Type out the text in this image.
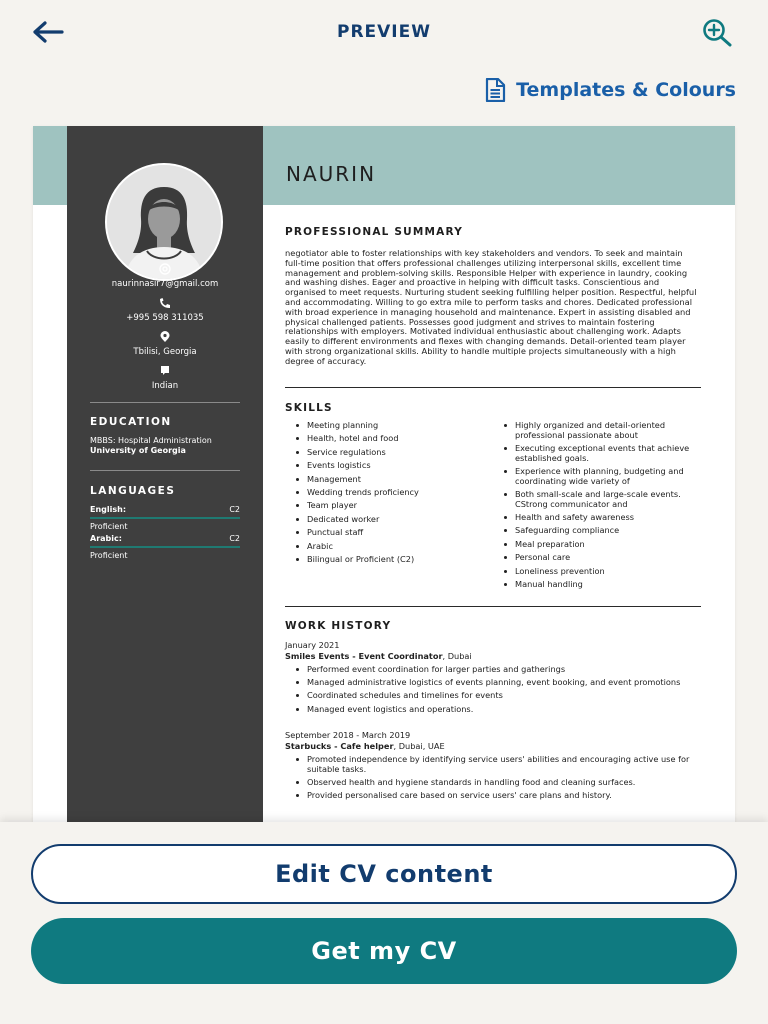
PREVIEW
Templates & Colours
naurinnasir7@gmail.com
+995 598 311035
Tbilisi, Georgia
Indian
EDUCATION
MBBS: Hospital Administration
University of Georgia
LANGUAGES
English:	C2
Proficient
Arabic:	C2
Proficient
NAURIN
PROFESSIONAL SUMMARY
negotiator able to foster relationships with key stakeholders and vendors. To seek and maintain full-time position that offers professional challenges utilizing interpersonal skills, excellent time management and problem-solving skills. Responsible Helper with experience in laundry, cooking and washing dishes. Eager and proactive in helping with difficult tasks. Conscientious and organised to meet requests. Nurturing student seeking fulfilling helper position. Respectful, helpful and accommodating. Willing to go extra mile to perform tasks and chores. Dedicated professional with broad experience in managing household and maintenance. Expert in assisting disabled and physical challenged patients. Possesses good judgment and strives to maintain fostering relationships with employers. Motivated individual enthusiastic about challenging work. Adapts easily to different environments and flexes with changing demands. Detail-oriented team player with strong organizational skills. Ability to handle multiple projects simultaneously with a high degree of accuracy.
SKILLS
Meeting planning
Health, hotel and food
Service regulations
Events logistics
Management
Wedding trends proficiency
Team player
Dedicated worker
Punctual staff
Arabic
Bilingual or Proficient (C2)
Highly organized and detail-oriented professional passionate about
Executing exceptional events that achieve established goals.
Experience with planning, budgeting and coordinating wide variety of
Both small-scale and large-scale events. CStrong communicator and
Health and safety awareness
Safeguarding compliance
Meal preparation
Personal care
Loneliness prevention
Manual handling
WORK HISTORY
January 2021
Smiles Events - Event Coordinator, Dubai
Performed event coordination for larger parties and gatherings
Managed administrative logistics of events planning, event booking, and event promotions
Coordinated schedules and timelines for events
Managed event logistics and operations.
September 2018 - March 2019
Starbucks - Cafe helper, Dubai, UAE
Promoted independence by identifying service users' abilities and encouraging active use for suitable tasks.
Observed health and hygiene standards in handling food and cleaning surfaces.
Provided personalised care based on service users' care plans and history.
Edit CV content
Get my CV
